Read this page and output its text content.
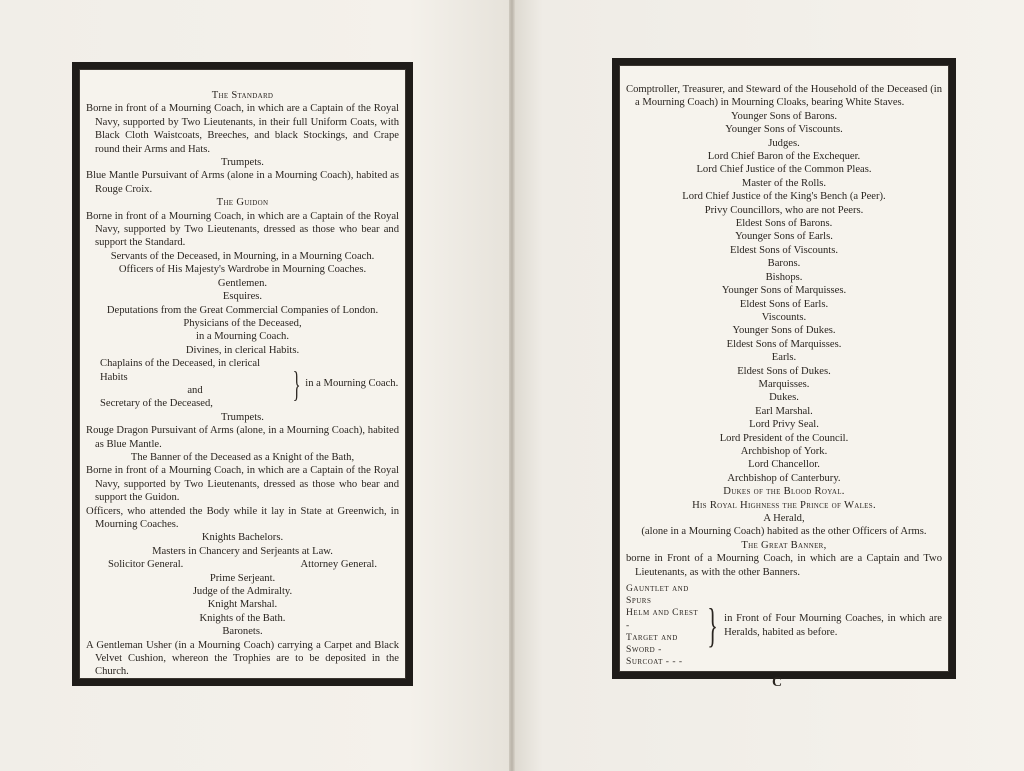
The Standard
Borne in front of a Mourning Coach, in which are a Captain of the Royal Navy, supported by Two Lieutenants, in their full Uniform Coats, with Black Cloth Waistcoats, Breeches, and black Stockings, and Crape round their Arms and Hats.
Trumpets.
Blue Mantle Pursuivant of Arms (alone in a Mourning Coach), habited as Rouge Croix.
The Guidon
Borne in front of a Mourning Coach, in which are a Captain of the Royal Navy, supported by Two Lieutenants, dressed as those who bear and support the Standard.
Servants of the Deceased, in Mourning, in a Mourning Coach.
Officers of His Majesty's Wardrobe in Mourning Coaches.
Gentlemen.
Esquires.
Deputations from the Great Commercial Companies of London.
Physicians of the Deceased,
in a Mourning Coach.
Divines, in clerical Habits.
Chaplains of the Deceased, in clerical Habits
and
Secretary of the Deceased,	} in a Mourning Coach.
Trumpets.
Rouge Dragon Pursuivant of Arms (alone, in a Mourning Coach), habited as Blue Mantle.
The Banner of the Deceased as a Knight of the Bath,
Borne in front of a Mourning Coach, in which are a Captain of the Royal Navy, supported by Two Lieutenants, dressed as those who bear and support the Guidon.
Officers, who attended the Body while it lay in State at Greenwich, in Mourning Coaches.
Knights Bachelors.
Masters in Chancery and Serjeants at Law.
Solicitor General.	Attorney General.
Prime Serjeant.
Judge of the Admiralty.
Knight Marshal.
Knights of the Bath.
Baronets.
A Gentleman Usher (in a Mourning Coach) carrying a Carpet and Black Velvet Cushion, whereon the Trophies are to be deposited in the Church.
Comptroller, Treasurer, and Steward of the Household of the Deceased (in a Mourning Coach) in Mourning Cloaks, bearing White Staves.
Younger Sons of Barons.
Younger Sons of Viscounts.
Judges.
Lord Chief Baron of the Exchequer.
Lord Chief Justice of the Common Pleas.
Master of the Rolls.
Lord Chief Justice of the King's Bench (a Peer).
Privy Councillors, who are not Peers.
Eldest Sons of Barons.
Younger Sons of Earls.
Eldest Sons of Viscounts.
Barons.
Bishops.
Younger Sons of Marquisses.
Eldest Sons of Earls.
Viscounts.
Younger Sons of Dukes.
Eldest Sons of Marquisses.
Earls.
Eldest Sons of Dukes.
Marquisses.
Dukes.
Earl Marshal.
Lord Privy Seal.
Lord President of the Council.
Archbishop of York.
Lord Chancellor.
Archbishop of Canterbury.
Dukes of the Blood Royal.
His Royal Highness the Prince of Wales.
A Herald,
(alone in a Mourning Coach) habited as the other Officers of Arms.
The Great Banner,
borne in Front of a Mourning Coach, in which are a Captain and Two Lieutenants, as with the other Banners.
Gauntlet and Spurs
Helm and Crest -
Target and Sword -
Surcoat - - -
} in Front of Four Mourning Coaches, in which are Heralds, habited as before.
C
